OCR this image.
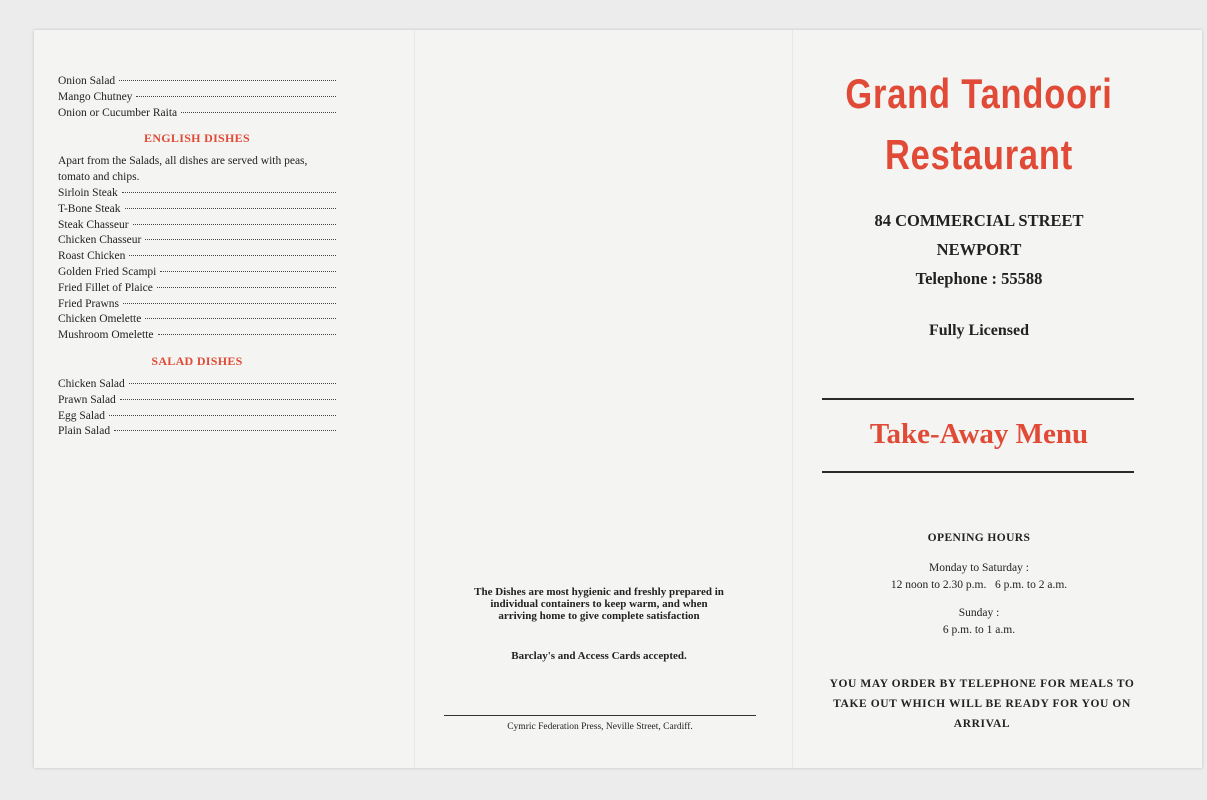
Onion Salad
Mango Chutney
Onion or Cucumber Raita
ENGLISH DISHES
Apart from the Salads, all dishes are served with peas, tomato and chips.
Sirloin Steak
T-Bone Steak
Steak Chasseur
Chicken Chasseur
Roast Chicken
Golden Fried Scampi
Fried Fillet of Plaice
Fried Prawns
Chicken Omelette
Mushroom Omelette
SALAD DISHES
Chicken Salad
Prawn Salad
Egg Salad
Plain Salad
The Dishes are most hygienic and freshly prepared in individual containers to keep warm, and when arriving home to give complete satisfaction
Barclay's and Access Cards accepted.
Cymric Federation Press, Neville Street, Cardiff.
Grand Tandoori
Restaurant
84 COMMERCIAL STREET
NEWPORT
Telephone : 55588
Fully Licensed
Take-Away Menu
OPENING HOURS
Monday to Saturday :
12 noon to 2.30 p.m.   6 p.m. to 2 a.m.
Sunday :
6 p.m. to 1 a.m.
YOU MAY ORDER BY TELEPHONE FOR MEALS TO TAKE OUT WHICH WILL BE READY FOR YOU ON ARRIVAL
